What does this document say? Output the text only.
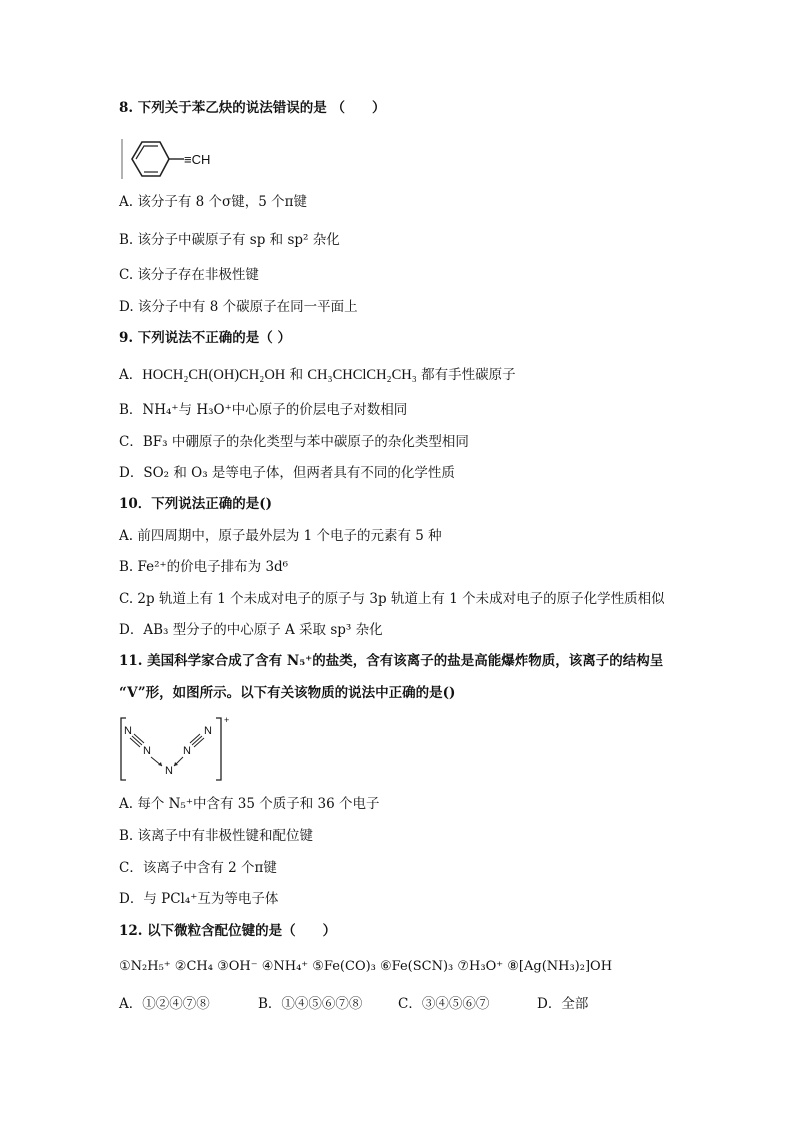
8. 下列关于苯乙炔的说法错误的是 （　　）
≡CH
A. 该分子有 8 个σ键，5 个π键
B. 该分子中碳原子有 sp 和 sp² 杂化
C. 该分子存在非极性键
D. 该分子中有 8 个碳原子在同一平面上
9. 下列说法不正确的是（ ）
A．HOCH₂CH(OH)CH₂OH 和 CH₃CHClCH₂CH₃ 都有手性碳原子
B．NH₄⁺与 H₃O⁺中心原子的价层电子对数相同
C．BF₃ 中硼原子的杂化类型与苯中碳原子的杂化类型相同
D．SO₂ 和 O₃ 是等电子体，但两者具有不同的化学性质
10．下列说法正确的是()
A. 前四周期中，原子最外层为 1 个电子的元素有 5 种
B. Fe²⁺的价电子排布为 3d⁶
C. 2p 轨道上有 1 个未成对电子的原子与 3p 轨道上有 1 个未成对电子的原子化学性质相似
D．AB₃ 型分子的中心原子 A 采取 sp³ 杂化
11. 美国科学家合成了含有 N₅⁺的盐类，含有该离子的盐是高能爆炸物质，该离子的结构呈
“V”形，如图所示。以下有关该物质的说法中正确的是()
+
N
N
N
N
N
A. 每个 N₅⁺中含有 35 个质子和 36 个电子
B. 该离子中有非极性键和配位键
C．该离子中含有 2 个π键
D．与 PCl₄⁺互为等电子体
12. 以下微粒含配位键的是（　　）
①N₂H₅⁺ ②CH₄ ③OH⁻ ④NH₄⁺ ⑤Fe(CO)₃ ⑥Fe(SCN)₃ ⑦H₃O⁺ ⑧[Ag(NH₃)₂]OH
A．①②④⑦⑧	B．①④⑤⑥⑦⑧	C．③④⑤⑥⑦	D．全部
